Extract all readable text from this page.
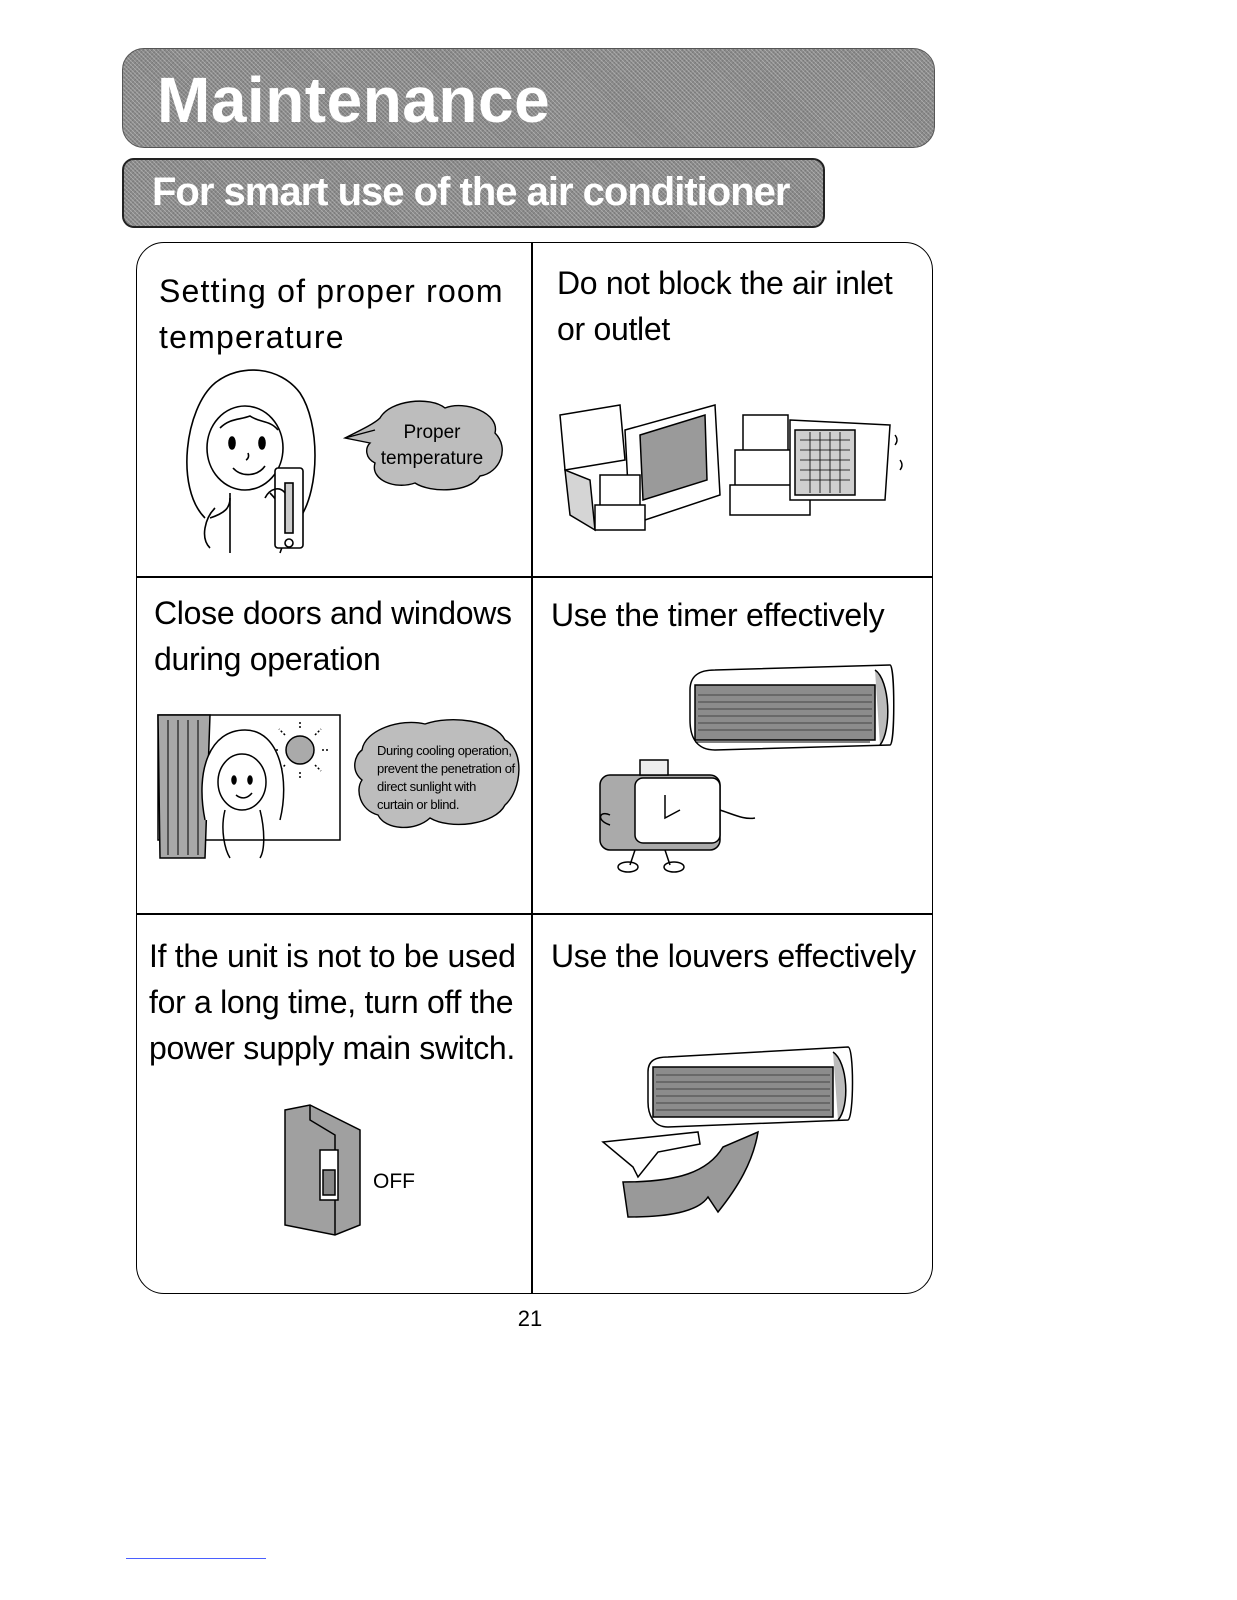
Maintenance
For smart use of the air conditioner
Setting of proper room temperature
Do not block the air inlet or outlet
Close doors and windows during operation
Use the timer effectively
If the unit is not to be used for a long time, turn off the power supply main switch.
Use the louvers effectively
Proper temperature
During cooling operation,
prevent the penetration of
direct sunlight with
curtain or blind.
OFF
21
